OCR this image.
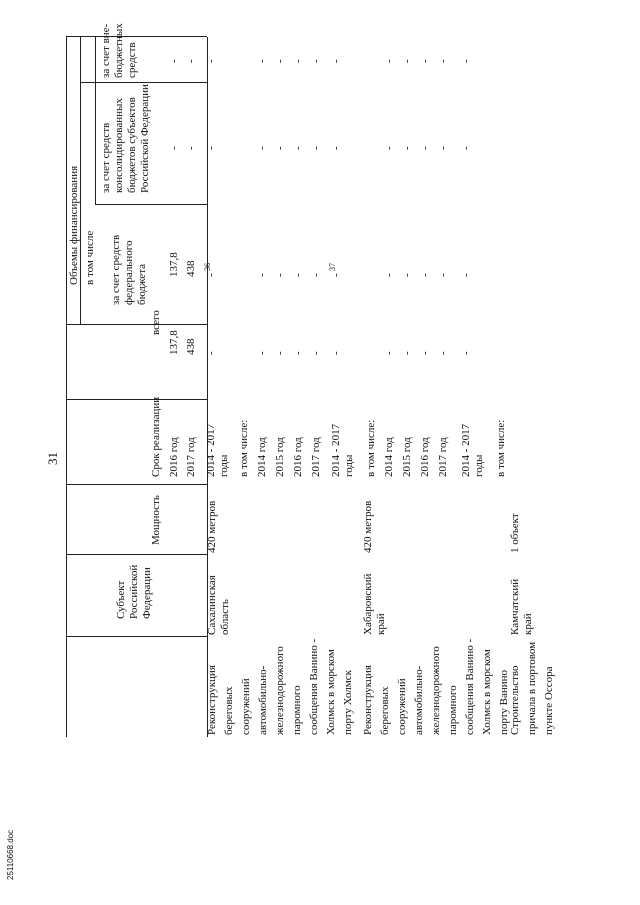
31
Субъект Российской Федерации
Мощность
Срок реализации
всего
Объемы финансирования в том числе за счет средств федерального бюджета
за счет средств консолидированных бюджетов субъектов Российской Федерации
за счет вне- бюджетных средств
2016 год
137,8
137,8
-
-
2017 год
438
438
-
-
2014 - 2017
-
-
36
-
-
годы в том числе: 2014 год
-
-
-
-
2015 год
-
-
-
-
2016 год
-
-
-
-
2017 год
-
-
-
-
2014 - 2017
-
-
37
-
-
годы в том числе: 2014 год
-
-
-
-
2015 год
-
-
-
-
2016 год
-
-
-
-
2017 год
-
-
-
-
2014 - 2017
-
-
-
-
годы в том числе:
Реконструкция береговых сооружений автомобильно- железнодорожного паромного сообщения Ванино - Холмск в морском порту Холмск
Сахалинская область
420 метров
Реконструкция береговых сооружений автомобильно- железнодорожного паромного сообщения Ванино - Холмск в морском порту Ванино
Хабаровский край
420 метров
Строительство причала в портовом пункте Оссора
Камчатский край
1 объект
25110668.doc
